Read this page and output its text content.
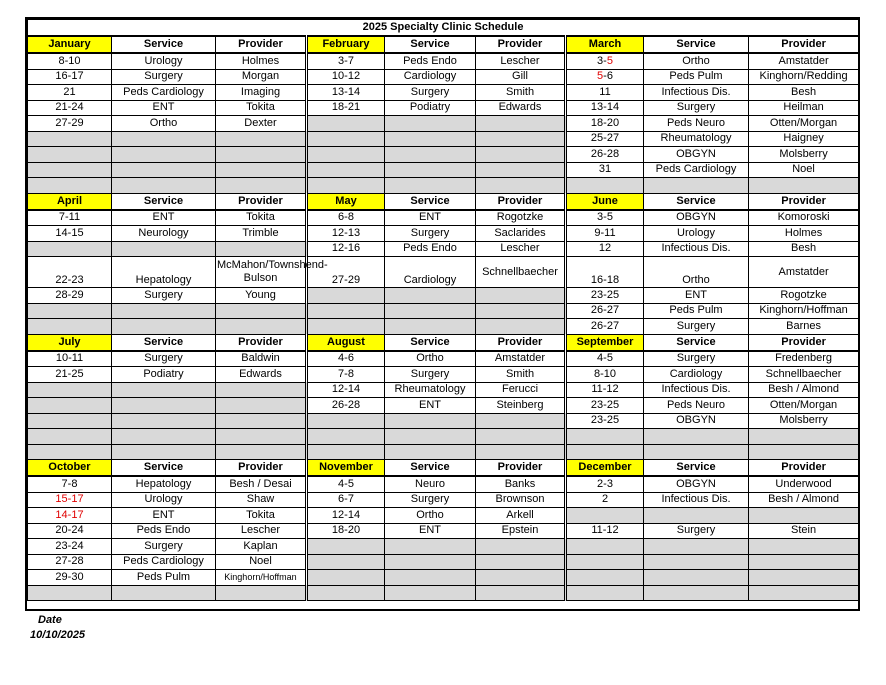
2025 Specialty Clinic Schedule								
January	Service	Provider	February	Service	Provider	March	Service	Provider
8-10	Urology	Holmes	3-7	Peds Endo	Lescher	3-5	Ortho	Amstatder
16-17	Surgery	Morgan	10-12	Cardiology	Gill	5-6	Peds Pulm	Kinghorn/Redding
21	Peds Cardiology	Imaging	13-14	Surgery	Smith	11	Infectious Dis.	Besh
21-24	ENT	Tokita	18-21	Podiatry	Edwards	13-14	Surgery	Heilman
27-29	Ortho	Dexter				18-20	Peds Neuro	Otten/Morgan
						25-27	Rheumatology	Haigney
						26-28	OBGYN	Molsberry
						31	Peds Cardiology	Noel

April	Service	Provider	May	Service	Provider	June	Service	Provider
7-11	ENT	Tokita	6-8	ENT	Rogotzke	3-5	OBGYN	Komoroski
14-15	Neurology	Trimble	12-13	Surgery	Saclarides	9-11	Urology	Holmes
			12-16	Peds Endo	Lescher	12	Infectious Dis.	Besh
22-23	Hepatology	McMahon/Townshend-Bulson	27-29	Cardiology	Schnellbaecher	16-18	Ortho	Amstatder
28-29	Surgery	Young				23-25	ENT	Rogotzke
						26-27	Peds Pulm	Kinghorn/Hoffman
						26-27	Surgery	Barnes
July	Service	Provider	August	Service	Provider	September	Service	Provider
10-11	Surgery	Baldwin	4-6	Ortho	Amstatder	4-5	Surgery	Fredenberg
21-25	Podiatry	Edwards	7-8	Surgery	Smith	8-10	Cardiology	Schnellbaecher
			12-14	Rheumatology	Ferucci	11-12	Infectious Dis.	Besh / Almond
			26-28	ENT	Steinberg	23-25	Peds Neuro	Otten/Morgan
						23-25	OBGYN	Molsberry

October	Service	Provider	November	Service	Provider	December	Service	Provider
7-8	Hepatology	Besh / Desai	4-5	Neuro	Banks	2-3	OBGYN	Underwood
15-17	Urology	Shaw	6-7	Surgery	Brownson	2	Infectious Dis.	Besh / Almond
14-17	ENT	Tokita	12-14	Ortho	Arkell			
20-24	Peds Endo	Lescher	18-20	ENT	Epstein	11-12	Surgery	Stein
23-24	Surgery	Kaplan						
27-28	Peds Cardiology	Noel						
29-30	Peds Pulm	Kinghorn/Hoffman						

Date
10/10/2025
